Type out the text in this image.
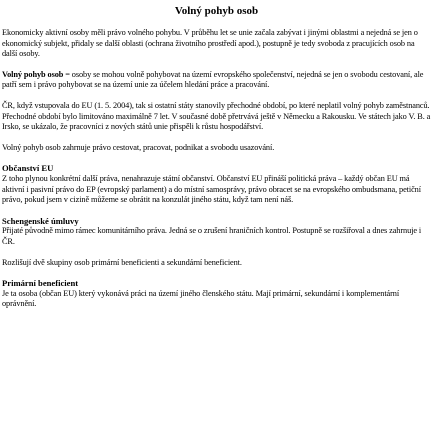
Volný pohyb osob

Ekonomicky aktivní osoby měli právo volného pohybu. V průběhu let se unie začala zabývat i jinými oblastmi a nejedná se jen o ekonomický subjekt, přidaly se další oblasti (ochrana životního prostředí apod.), postupně je tedy svoboda z pracujících osob na další osoby.

Volný pohyb osob = osoby se mohou volně pohybovat na území evropského společenství, nejedná se jen o svobodu cestovaní, ale patří sem i právo pohybovat se na území unie za účelem hledání práce a pracování.

ČR, když vstupovala do EU (1. 5. 2004), tak si ostatní státy stanovily přechodné období, po které neplatil volný pohyb zaměstnanců. Přechodné období bylo limitováno maximálně 7 let. V současné době přetrvává ještě v Německu a Rakousku. Ve státech jako V. B. a Irsko, se ukázalo, že pracovníci z nových států unie přispěli k růstu hospodářství.

Volný pohyb osob zahrnuje právo cestovat, pracovat, podnikat a svobodu usazování.

Občanství EU

Z toho plynou konkrétní další práva, nenahrazuje státní občanství. Občanství EU přináší politická práva – každý občan EU má aktivní i pasivní právo do EP (evropský parlament) a do místní samosprávy, právo obracet se na evropského ombudsmana, petiční právo, pokud jsem v cizině můžeme se obrátit na konzulát jiného státu, když tam není náš.

Schengenské úmluvy

Přijaté původně mimo rámec komunitárního práva. Jedná se o zrušení hraničních kontrol. Postupně se rozšiřoval a dnes zahrnuje i ČR.

Rozlišují dvě skupiny osob primární beneficienti a sekundární beneficient.

Primární beneficient

Je ta osoba (občan EU) který vykonává práci na území jiného členského státu. Mají primární, sekundární i komplementární oprávnění.
